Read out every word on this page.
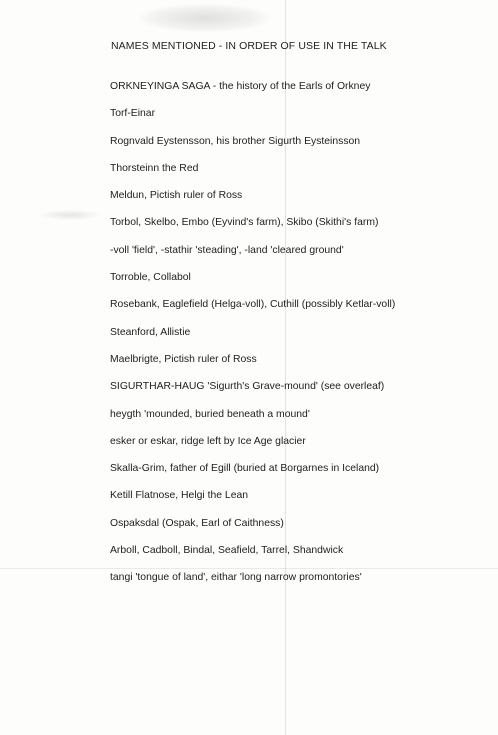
NAMES MENTIONED - IN ORDER OF USE IN THE TALK
ORKNEYINGA SAGA - the history of the Earls of Orkney
Torf-Einar
Rognvald Eystensson, his brother Sigurth Eysteinsson
Thorsteinn the Red
Meldun, Pictish ruler of Ross
Torbol, Skelbo, Embo (Eyvind's farm), Skibo (Skithi's farm)
-voll 'field', -stathir 'steading', -land 'cleared ground'
Torroble, Collabol
Rosebank, Eaglefield (Helga-voll), Cuthill (possibly Ketlar-voll)
Steanford, Allistie
Maelbrigte, Pictish ruler of Ross
SIGURTHAR-HAUG 'Sigurth's Grave-mound' (see overleaf)
heygth 'mounded, buried beneath a mound'
esker or eskar, ridge left by Ice Age glacier
Skalla-Grim, father of Egill (buried at Borgarnes in Iceland)
Ketill Flatnose, Helgi the Lean
Ospaksdal (Ospak, Earl of Caithness)
Arboll, Cadboll, Bindal, Seafield, Tarrel, Shandwick
tangi 'tongue of land', eithar 'long narrow promontories'
